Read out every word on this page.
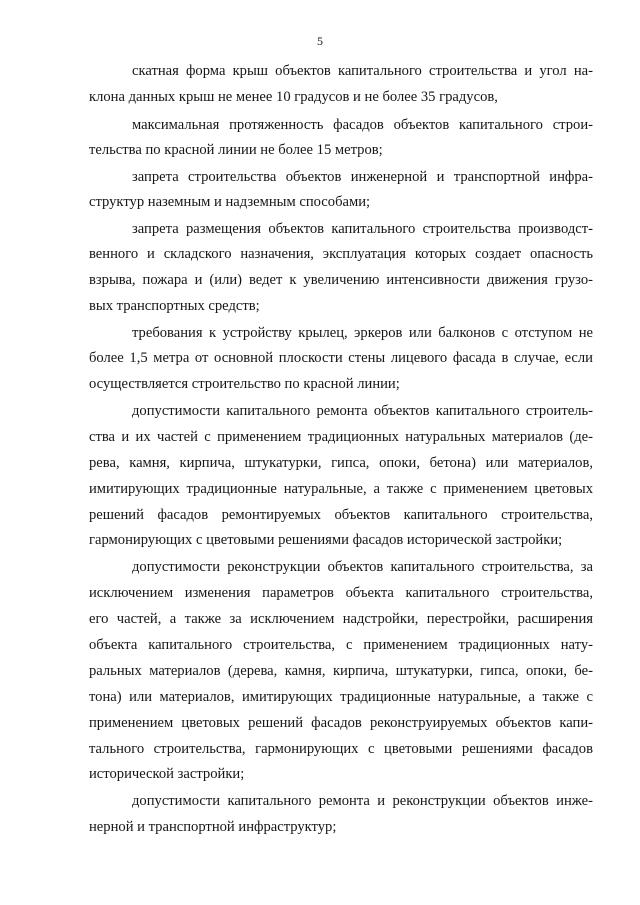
5
скатная форма крыш объектов капитального строительства и угол на-
клона данных крыш не менее 10 градусов и не более 35 градусов,
максимальная протяженность фасадов объектов капитального строи-
тельства по красной линии не более 15 метров;
запрета строительства объектов инженерной и транспортной инфра-
структур наземным и надземным способами;
запрета размещения объектов капитального строительства производст-
венного и складского назначения, эксплуатация которых создает опасность
взрыва, пожара и (или) ведет к увеличению интенсивности движения грузо-
вых транспортных средств;
требования к устройству крылец, эркеров или балконов с отступом не
более 1,5 метра от основной плоскости стены лицевого фасада в случае, если
осуществляется строительство по красной линии;
допустимости капитального ремонта объектов капитального строитель-
ства и их частей с применением традиционных натуральных материалов (де-
рева, камня, кирпича, штукатурки, гипса, опоки, бетона) или материалов,
имитирующих традиционные натуральные, а также с применением цветовых
решений фасадов ремонтируемых объектов капитального строительства,
гармонирующих с цветовыми решениями фасадов исторической застройки;
допустимости реконструкции объектов капитального строительства, за
исключением изменения параметров объекта капитального строительства,
его частей, а также за исключением надстройки, перестройки, расширения
объекта капитального строительства, с применением традиционных нату-
ральных материалов (дерева, камня, кирпича, штукатурки, гипса, опоки, бе-
тона) или материалов, имитирующих традиционные натуральные, а также с
применением цветовых решений фасадов реконструируемых объектов капи-
тального строительства, гармонирующих с цветовыми решениями фасадов
исторической застройки;
допустимости капитального ремонта и реконструкции объектов инже-
нерной и транспортной инфраструктур;
